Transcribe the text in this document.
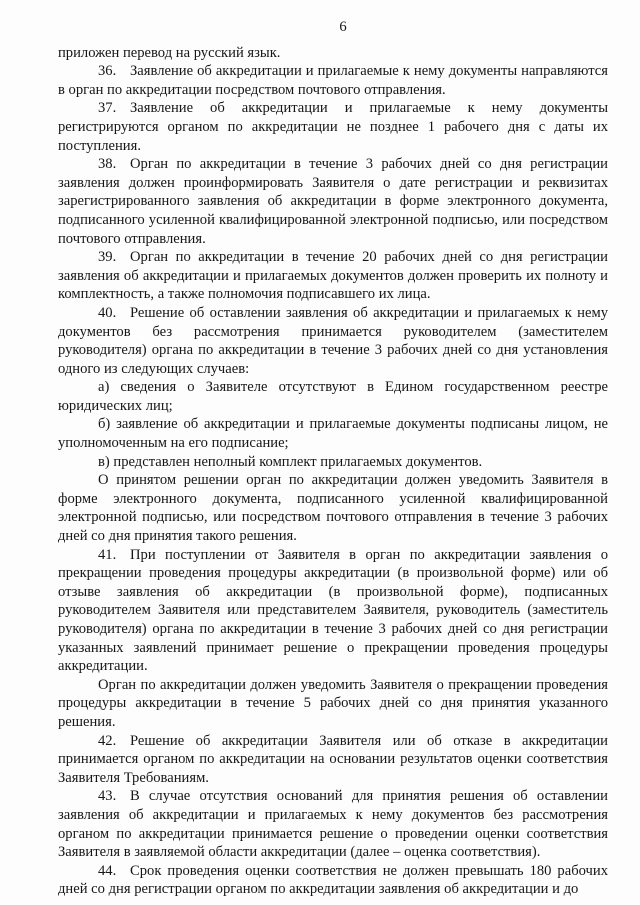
6

приложен перевод на русский язык.

36. Заявление об аккредитации и прилагаемые к нему документы направляются в орган по аккредитации посредством почтового отправления.

37. Заявление об аккредитации и прилагаемые к нему документы регистрируются органом по аккредитации не позднее 1 рабочего дня с даты их поступления.

38. Орган по аккредитации в течение 3 рабочих дней со дня регистрации заявления должен проинформировать Заявителя о дате регистрации и реквизитах зарегистрированного заявления об аккредитации в форме электронного документа, подписанного усиленной квалифицированной электронной подписью, или посредством почтового отправления.

39. Орган по аккредитации в течение 20 рабочих дней со дня регистрации заявления об аккредитации и прилагаемых документов должен проверить их полноту и комплектность, а также полномочия подписавшего их лица.

40. Решение об оставлении заявления об аккредитации и прилагаемых к нему документов без рассмотрения принимается руководителем (заместителем руководителя) органа по аккредитации в течение 3 рабочих дней со дня установления одного из следующих случаев:

а) сведения о Заявителе отсутствуют в Едином государственном реестре юридических лиц;

б) заявление об аккредитации и прилагаемые документы подписаны лицом, не уполномоченным на его подписание;

в) представлен неполный комплект прилагаемых документов.

О принятом решении орган по аккредитации должен уведомить Заявителя в форме электронного документа, подписанного усиленной квалифицированной электронной подписью, или посредством почтового отправления в течение 3 рабочих дней со дня принятия такого решения.

41. При поступлении от Заявителя в орган по аккредитации заявления о прекращении проведения процедуры аккредитации (в произвольной форме) или об отзыве заявления об аккредитации (в произвольной форме), подписанных руководителем Заявителя или представителем Заявителя, руководитель (заместитель руководителя) органа по аккредитации в течение 3 рабочих дней со дня регистрации указанных заявлений принимает решение о прекращении проведения процедуры аккредитации.

Орган по аккредитации должен уведомить Заявителя о прекращении проведения процедуры аккредитации в течение 5 рабочих дней со дня принятия указанного решения.

42. Решение об аккредитации Заявителя или об отказе в аккредитации принимается органом по аккредитации на основании результатов оценки соответствия Заявителя Требованиям.

43. В случае отсутствия оснований для принятия решения об оставлении заявления об аккредитации и прилагаемых к нему документов без рассмотрения органом по аккредитации принимается решение о проведении оценки соответствия Заявителя в заявляемой области аккредитации (далее – оценка соответствия).

44. Срок проведения оценки соответствия не должен превышать 180 рабочих дней со дня регистрации органом по аккредитации заявления об аккредитации и до
